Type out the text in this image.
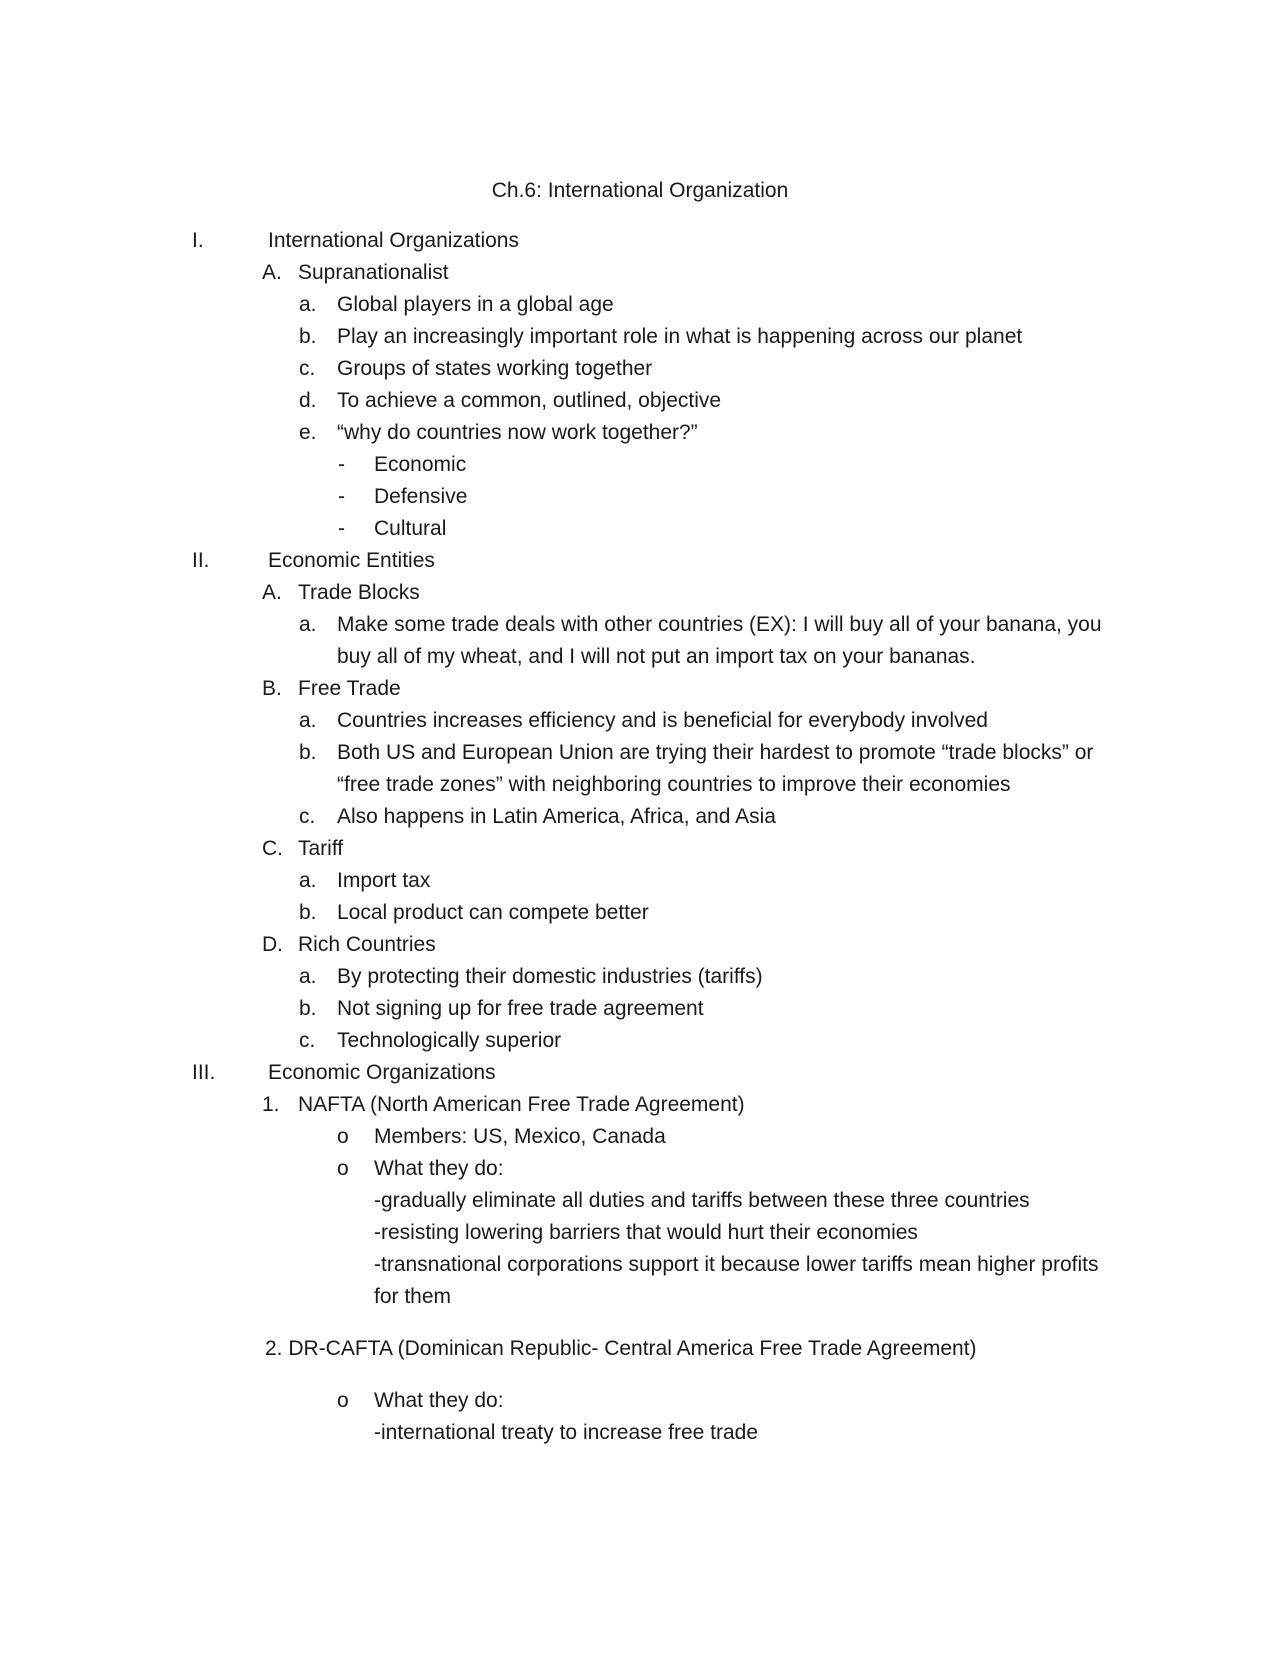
Ch.6: International Organization
I.	International Organizations
A. Supranationalist
a. Global players in a global age
b. Play an increasingly important role in what is happening across our planet
c. Groups of states working together
d. To achieve a common, outlined, objective
e. “why do countries now work together?”
- Economic
- Defensive
- Cultural
II.	Economic Entities
A. Trade Blocks
a. Make some trade deals with other countries (EX): I will buy all of your banana, you
buy all of my wheat, and I will not put an import tax on your bananas.
B. Free Trade
a. Countries increases efficiency and is beneficial for everybody involved
b. Both US and European Union are trying their hardest to promote “trade blocks” or
“free trade zones” with neighboring countries to improve their economies
c. Also happens in Latin America, Africa, and Asia
C. Tariff
a. Import tax
b. Local product can compete better
D. Rich Countries
a. By protecting their domestic industries (tariffs)
b. Not signing up for free trade agreement
c. Technologically superior
III.	Economic Organizations
1. NAFTA (North American Free Trade Agreement)
o Members: US, Mexico, Canada
o What they do:
-gradually eliminate all duties and tariffs between these three countries
-resisting lowering barriers that would hurt their economies
-transnational corporations support it because lower tariffs mean higher profits
for them
2. DR-CAFTA (Dominican Republic- Central America Free Trade Agreement)
o What they do:
-international treaty to increase free trade
